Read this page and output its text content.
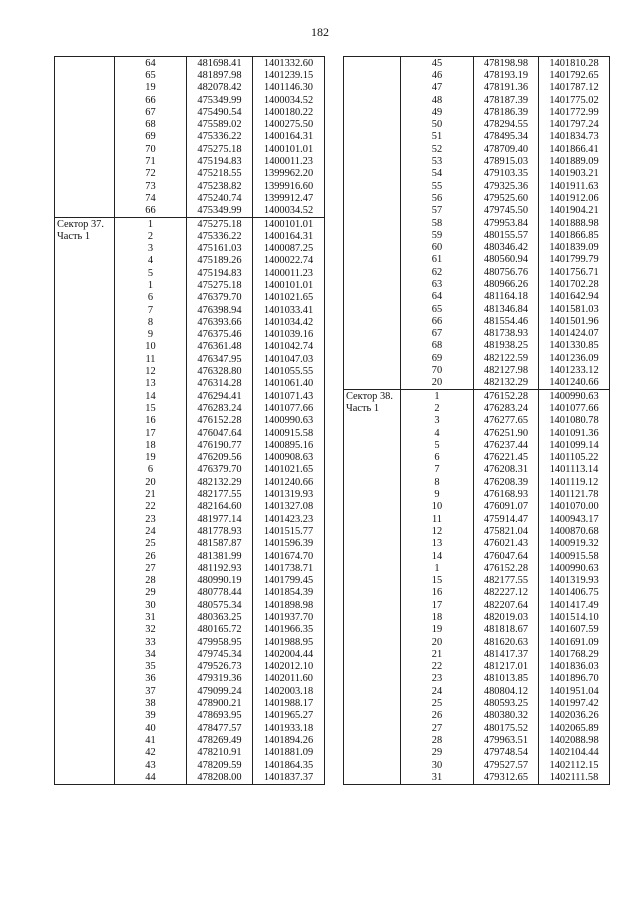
182
	64	481698.41	1401332.60
	65	481897.98	1401239.15
	19	482078.42	1401146.30
	66	475349.99	1400034.52
	67	475490.54	1400180.22
	68	475589.02	1400275.50
	69	475336.22	1400164.31
	70	475275.18	1400101.01
	71	475194.83	1400011.23
	72	475218.55	1399962.20
	73	475238.82	1399916.60
	74	475240.74	1399912.47
	66	475349.99	1400034.52
Сектор 37.	1	475275.18	1400101.01
Часть 1	2	475336.22	1400164.31
	3	475161.03	1400087.25
	4	475189.26	1400022.74
	5	475194.83	1400011.23
	1	475275.18	1400101.01
	6	476379.70	1401021.65
	7	476398.94	1401033.41
	8	476393.66	1401034.42
	9	476375.46	1401039.16
	10	476361.48	1401042.74
	11	476347.95	1401047.03
	12	476328.80	1401055.55
	13	476314.28	1401061.40
	14	476294.41	1401071.43
	15	476283.24	1401077.66
	16	476152.28	1400990.63
	17	476047.64	1400915.58
	18	476190.77	1400895.16
	19	476209.56	1400908.63
	6	476379.70	1401021.65
	20	482132.29	1401240.66
	21	482177.55	1401319.93
	22	482164.60	1401327.08
	23	481977.14	1401423.23
	24	481778.93	1401515.77
	25	481587.87	1401596.39
	26	481381.99	1401674.70
	27	481192.93	1401738.71
	28	480990.19	1401799.45
	29	480778.44	1401854.39
	30	480575.34	1401898.98
	31	480363.25	1401937.70
	32	480165.72	1401966.35
	33	479958.95	1401988.95
	34	479745.34	1402004.44
	35	479526.73	1402012.10
	36	479319.36	1402011.60
	37	479099.24	1402003.18
	38	478900.21	1401988.17
	39	478693.95	1401965.27
	40	478477.57	1401933.18
	41	478269.49	1401894.26
	42	478210.91	1401881.09
	43	478209.59	1401864.35
	44	478208.00	1401837.37
	45	478198.98	1401810.28
	46	478193.19	1401792.65
	47	478191.36	1401787.12
	48	478187.39	1401775.02
	49	478186.39	1401772.99
	50	478294.55	1401797.24
	51	478495.34	1401834.73
	52	478709.40	1401866.41
	53	478915.03	1401889.09
	54	479103.35	1401903.21
	55	479325.36	1401911.63
	56	479525.60	1401912.06
	57	479745.50	1401904.21
	58	479953.84	1401888.98
	59	480155.57	1401866.85
	60	480346.42	1401839.09
	61	480560.94	1401799.79
	62	480756.76	1401756.71
	63	480966.26	1401702.28
	64	481164.18	1401642.94
	65	481346.84	1401581.03
	66	481554.46	1401501.96
	67	481738.93	1401424.07
	68	481938.25	1401330.85
	69	482122.59	1401236.09
	70	482127.98	1401233.12
	20	482132.29	1401240.66
Сектор 38.	1	476152.28	1400990.63
Часть 1	2	476283.24	1401077.66
	3	476277.65	1401080.78
	4	476251.90	1401091.36
	5	476237.44	1401099.14
	6	476221.45	1401105.22
	7	476208.31	1401113.14
	8	476208.39	1401119.12
	9	476168.93	1401121.78
	10	476091.07	1401070.00
	11	475914.47	1400943.17
	12	475821.04	1400870.68
	13	476021.43	1400919.32
	14	476047.64	1400915.58
	1	476152.28	1400990.63
	15	482177.55	1401319.93
	16	482227.12	1401406.75
	17	482207.64	1401417.49
	18	482019.03	1401514.10
	19	481818.67	1401607.59
	20	481620.63	1401691.09
	21	481417.37	1401768.29
	22	481217.01	1401836.03
	23	481013.85	1401896.70
	24	480804.12	1401951.04
	25	480593.25	1401997.42
	26	480380.32	1402036.26
	27	480175.52	1402065.89
	28	479963.51	1402088.98
	29	479748.54	1402104.44
	30	479527.57	1402112.15
	31	479312.65	1402111.58
